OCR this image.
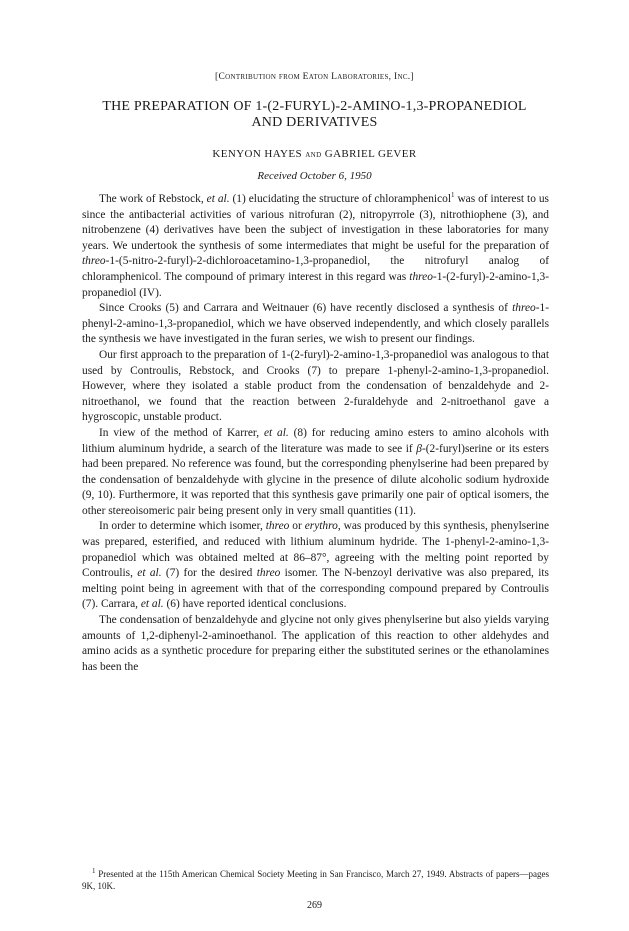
[Contribution from Eaton Laboratories, Inc.]
THE PREPARATION OF 1-(2-FURYL)-2-AMINO-1,3-PROPANEDIOL
AND DERIVATIVES
KENYON HAYES and GABRIEL GEVER
Received October 6, 1950

The work of Rebstock, et al. (1) elucidating the structure of chloramphenicol$^1$ was of interest to us since the antibacterial activities of various nitrofuran (2), nitropyrrole (3), nitrothiophene (3), and nitrobenzene (4) derivatives have been the subject of investigation in these laboratories for many years. We undertook the synthesis of some intermediates that might be useful for the preparation of threo-1-(5-nitro-2-furyl)-2-dichloroacetamino-1,3-propanediol, the nitrofuryl analog of chloramphenicol. The compound of primary interest in this regard was threo-1-(2-furyl)-2-amino-1,3-propanediol (IV).

Since Crooks (5) and Carrara and Weitnauer (6) have recently disclosed a synthesis of threo-1-phenyl-2-amino-1,3-propanediol, which we have observed independently, and which closely parallels the synthesis we have investigated in the furan series, we wish to present our findings.

Our first approach to the preparation of 1-(2-furyl)-2-amino-1,3-propanediol was analogous to that used by Controulis, Rebstock, and Crooks (7) to prepare 1-phenyl-2-amino-1,3-propanediol. However, where they isolated a stable product from the condensation of benzaldehyde and 2-nitroethanol, we found that the reaction between 2-furaldehyde and 2-nitroethanol gave a hygroscopic, unstable product.

In view of the method of Karrer, et al. (8) for reducing amino esters to amino alcohols with lithium aluminum hydride, a search of the literature was made to see if β-(2-furyl)serine or its esters had been prepared. No reference was found, but the corresponding phenylserine had been prepared by the condensation of benzaldehyde with glycine in the presence of dilute alcoholic sodium hydroxide (9, 10). Furthermore, it was reported that this synthesis gave primarily one pair of optical isomers, the other stereoisomeric pair being present only in very small quantities (11).

In order to determine which isomer, threo or erythro, was produced by this synthesis, phenylserine was prepared, esterified, and reduced with lithium aluminum hydride. The 1-phenyl-2-amino-1,3-propanediol which was obtained melted at 86–87°, agreeing with the melting point reported by Controulis, et al. (7) for the desired threo isomer. The N-benzoyl derivative was also prepared, its melting point being in agreement with that of the corresponding compound prepared by Controulis (7). Carrara, et al. (6) have reported identical conclusions.

The condensation of benzaldehyde and glycine not only gives phenylserine but also yields varying amounts of 1,2-diphenyl-2-aminoethanol. The application of this reaction to other aldehydes and amino acids as a synthetic procedure for preparing either the substituted serines or the ethanolamines has been the

$^1$ Presented at the 115th American Chemical Society Meeting in San Francisco, March 27, 1949. Abstracts of papers—pages 9K, 10K.
269
